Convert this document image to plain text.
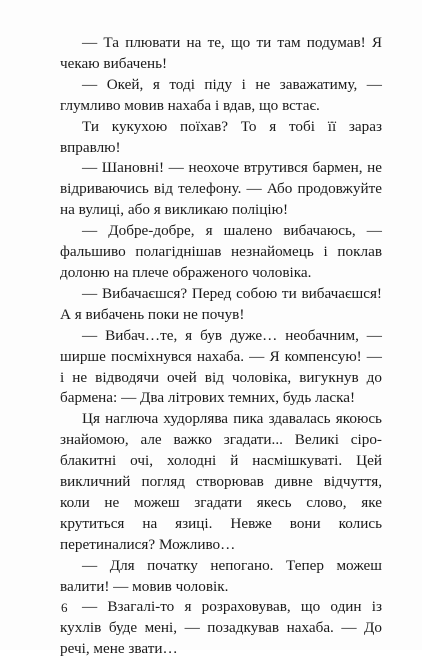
— Та плювати на те, що ти там подумав! Я чекаю вибачень!

— Окей, я тоді піду і не заважатиму, — глумливо мовив нахаба і вдав, що встає.

Ти кукухою поїхав? То я тобі її зараз вправлю!

— Шановні! — неохоче втрутився бармен, не відриваючись від телефону. — Або продовжуйте на вулиці, або я викликаю поліцію!

— Добре-добре, я шалено вибачаюсь, — фальшиво полагіднішав незнайомець і поклав долоню на плече ображеного чоловіка.

— Вибачаєшся? Перед собою ти вибачаєшся! А я вибачень поки не почув!

— Вибач…те, я був дуже… необачним, — ширше посміхнувся нахаба. — Я компенсую! — і не відводячи очей від чоловіка, вигукнув до бармена: — Два літрових темних, будь ласка!

Ця наглюча худорлява пика здавалась якоюсь знайомою, але важко згадати... Великі сіро-блакитні очі, холодні й насмішкуваті. Цей викличний погляд створював дивне відчуття, коли не можеш згадати якесь слово, яке крутиться на язиці. Невже вони колись перетиналися? Можливо…

— Для початку непогано. Тепер можеш валити! — мовив чоловік.

— Взагалі-то я розраховував, що один із кухлів буде мені, — позадкував нахаба. — До речі, мене звати…

6
